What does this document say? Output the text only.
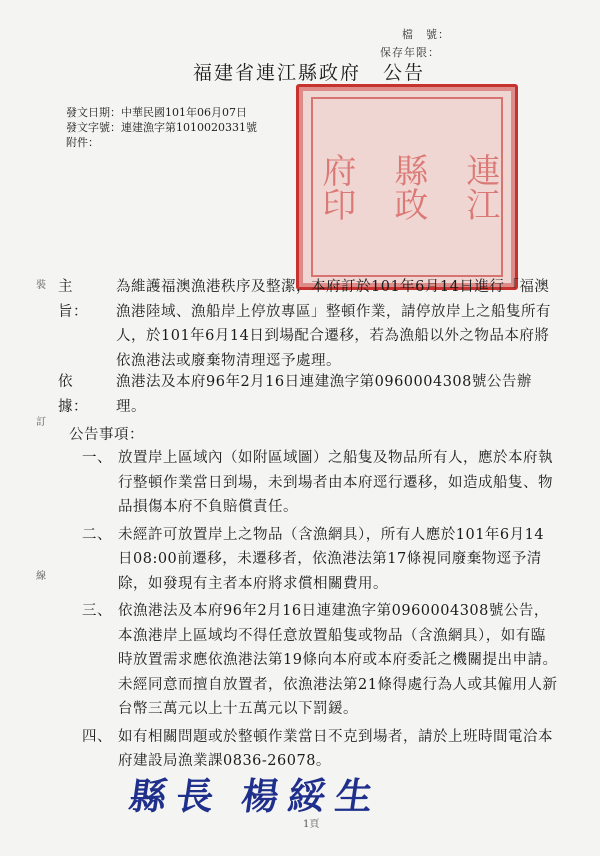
檔　號：
保存年限：
福建省連江縣政府 公告
發文日期：中華民國101年06月07日
發文字號：連建漁字第1010020331號
附件：
連江
縣政
府印
裝
訂
線
主旨：
為維護福澳漁港秩序及整潔，本府訂於101年6月14日進行「福澳漁港陸域、漁船岸上停放專區」整頓作業，請停放岸上之船隻所有人，於101年6月14日到場配合遷移，若為漁船以外之物品本府將依漁港法或廢棄物清理逕予處理。
依據：
漁港法及本府96年2月16日連建漁字第0960004308號公告辦理。
公告事項：
一、 放置岸上區域內（如附區域圖）之船隻及物品所有人，應於本府執行整頓作業當日到場，未到場者由本府逕行遷移，如造成船隻、物品損傷本府不負賠償責任。
二、 未經許可放置岸上之物品（含漁網具），所有人應於101年6月14日08:00前遷移，未遷移者，依漁港法第17條視同廢棄物逕予清除，如發現有主者本府將求償相關費用。
三、 依漁港法及本府96年2月16日連建漁字第0960004308號公告，本漁港岸上區域均不得任意放置船隻或物品（含漁網具），如有臨時放置需求應依漁港法第19條向本府或本府委託之機關提出申請。未經同意而擅自放置者，依漁港法第21條得處行為人或其僱用人新台幣三萬元以上十五萬元以下罰鍰。
四、 如有相關問題或於整頓作業當日不克到場者，請於上班時間電洽本府建設局漁業課0836-26078。
縣長 楊綏生
1頁
